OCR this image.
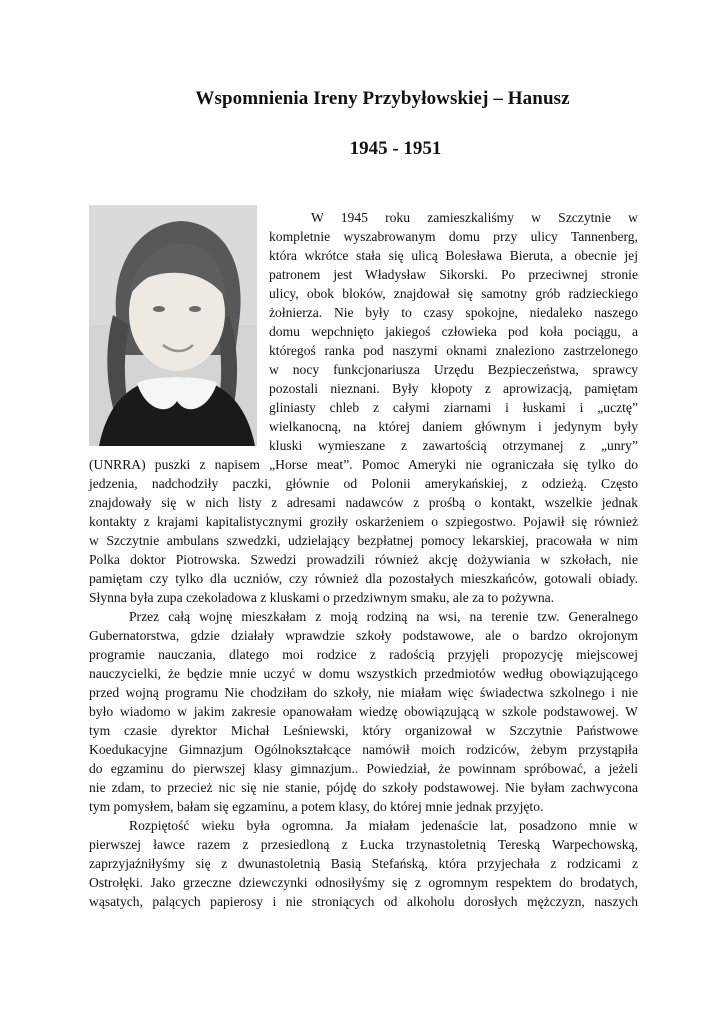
Wspomnienia Ireny Przybyłowskiej – Hanusz
1945 - 1951
W 1945 roku zamieszkaliśmy w Szczytnie w
kompletnie wyszabrowanym domu przy ulicy Tannenberg,
która wkrótce stała się ulicą Bolesława Bieruta, a obecnie jej
patronem jest Władysław Sikorski. Po przeciwnej stronie
ulicy, obok bloków, znajdował się samotny grób radzieckiego
żołnierza. Nie były to czasy spokojne, niedaleko naszego
domu wepchnięto jakiegoś człowieka pod koła pociągu, a
któregoś ranka pod naszymi oknami znaleziono zastrzelonego
w nocy funkcjonariusza Urzędu Bezpieczeństwa, sprawcy
pozostali nieznani. Były kłopoty z aprowizacją, pamiętam
gliniasty chleb z całymi ziarnami i łuskami i „ucztę”
wielkanocną, na której daniem głównym i jedynym były
kluski wymieszane z zawartością otrzymanej z „unry”
(UNRRA) puszki z napisem „Horse meat”. Pomoc Ameryki nie ograniczała się tylko do
jedzenia, nadchodziły paczki, głównie od Polonii amerykańskiej, z odzieżą. Często
znajdowały się w nich listy z adresami nadawców z prośbą o kontakt, wszelkie jednak
kontakty z krajami kapitalistycznymi groziły oskarżeniem o szpiegostwo. Pojawił się również
w Szczytnie ambulans szwedzki, udzielający bezpłatnej pomocy lekarskiej, pracowała w nim
Polka doktor Piotrowska. Szwedzi prowadzili również akcję dożywiania w szkołach, nie
pamiętam czy tylko dla uczniów, czy również dla pozostałych mieszkańców, gotowali obiady.
Słynna była zupa czekoladowa z kluskami o przedziwnym smaku, ale za to pożywna.
Przez całą wojnę mieszkałam z moją rodziną na wsi, na terenie tzw. Generalnego
Gubernatorstwa, gdzie działały wprawdzie szkoły podstawowe, ale o bardzo okrojonym
programie nauczania, dlatego moi rodzice z radością przyjęli propozycję miejscowej
nauczycielki, że będzie mnie uczyć w domu wszystkich przedmiotów według obowiązującego
przed wojną programu Nie chodziłam do szkoły, nie miałam więc świadectwa szkolnego i nie
było wiadomo w jakim zakresie opanowałam wiedzę obowiązującą w szkole podstawowej. W
tym czasie dyrektor Michał Leśniewski, który organizował w Szczytnie Państwowe
Koedukacyjne Gimnazjum Ogólnokształcące namówił moich rodziców, żebym przystąpiła
do egzaminu do pierwszej klasy gimnazjum.. Powiedział, że powinnam spróbować, a jeżeli
nie zdam, to przecież nic się nie stanie, pójdę do szkoły podstawowej. Nie byłam zachwycona
tym pomysłem, bałam się egzaminu, a potem klasy, do której mnie jednak przyjęto.
Rozpiętość wieku była ogromna. Ja miałam jedenaście lat, posadzono mnie w
pierwszej ławce razem z przesiedloną z Łucka trzynastoletnią Tereską Warpechowską,
zaprzyjaźniłyśmy się z dwunastoletnią Basią Stefańską, która przyjechała z rodzicami z
Ostrołęki. Jako grzeczne dziewczynki odnosiłyśmy się z ogromnym respektem do brodatych,
wąsatych, palących papierosy i nie stroniących od alkoholu dorosłych mężczyzn, naszych
